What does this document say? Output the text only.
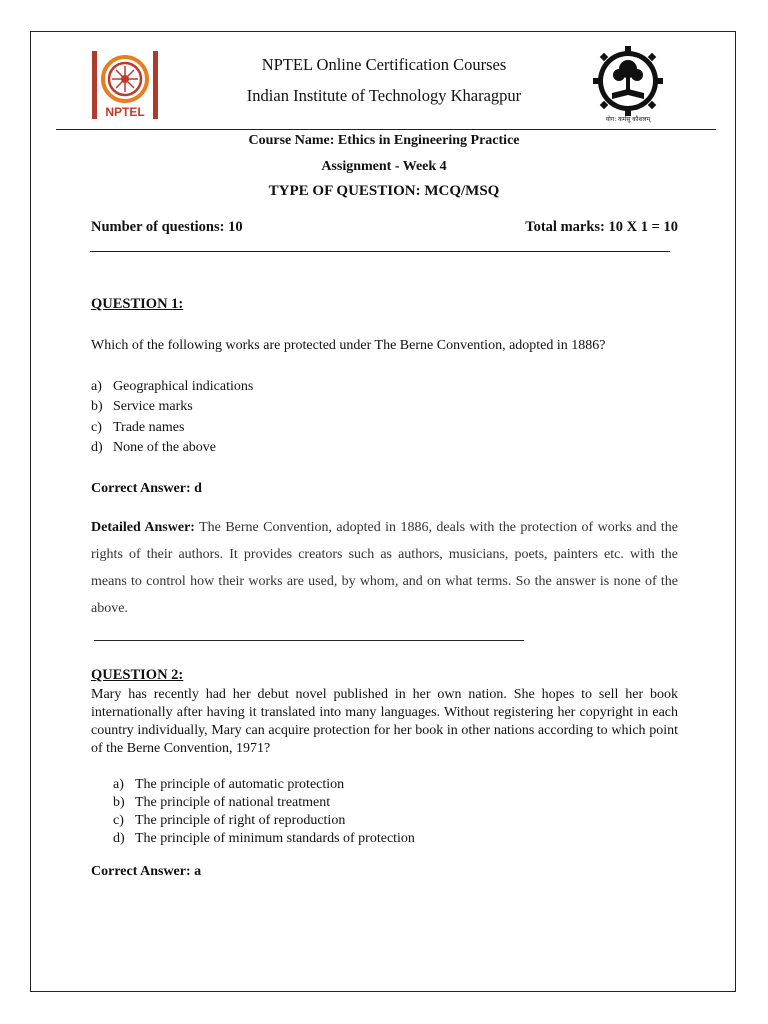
NPTEL
योग: कर्मसु कौशलम्
NPTEL Online Certification Courses
Indian Institute of Technology Kharagpur
Course Name: Ethics in Engineering Practice
Assignment - Week 4
TYPE OF QUESTION: MCQ/MSQ
Number of questions: 10	Total marks: 10 X 1 = 10
QUESTION 1:
Which of the following works are protected under The Berne Convention, adopted in 1886?
a) Geographical indications
b) Service marks
c) Trade names
d) None of the above
Correct Answer: d
Detailed Answer: The Berne Convention, adopted in 1886, deals with the protection of works and the rights of their authors. It provides creators such as authors, musicians, poets, painters etc. with the means to control how their works are used, by whom, and on what terms. So the answer is none of the above.
QUESTION 2:
Mary has recently had her debut novel published in her own nation. She hopes to sell her book internationally after having it translated into many languages. Without registering her copyright in each country individually, Mary can acquire protection for her book in other nations according to which point of the Berne Convention, 1971?
a) The principle of automatic protection
b) The principle of national treatment
c) The principle of right of reproduction
d) The principle of minimum standards of protection
Correct Answer: a
